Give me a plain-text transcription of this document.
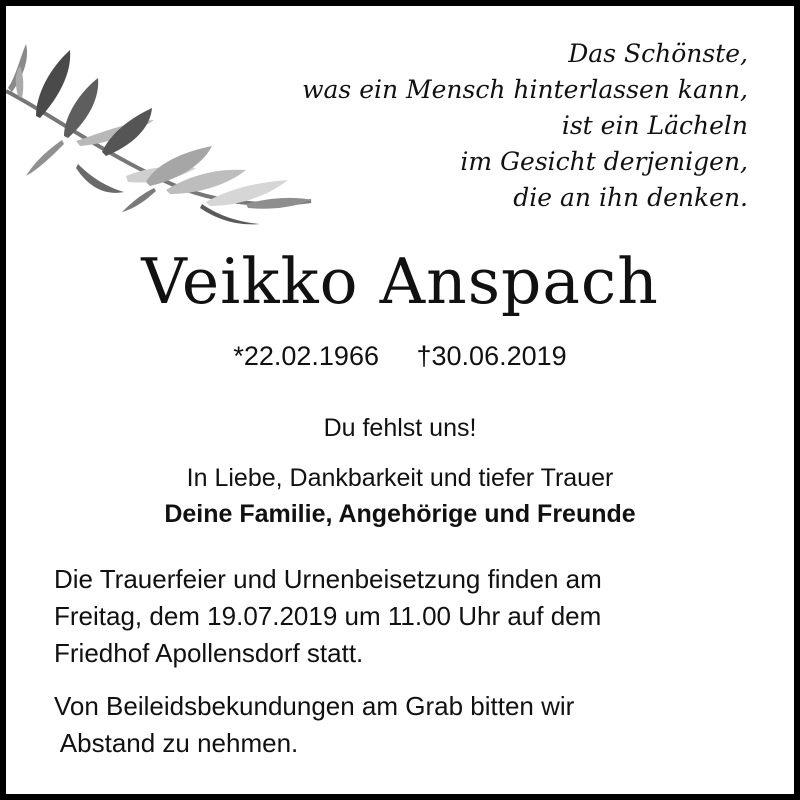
Das Schönste,
was ein Mensch hinterlassen kann,
ist ein Lächeln
im Gesicht derjenigen,
die an ihn denken.
Veikko Anspach
*22.02.1966 †30.06.2019
Du fehlst uns!
In Liebe, Dankbarkeit und tiefer Trauer
Deine Familie, Angehörige und Freunde
Die Trauerfeier und Urnenbeisetzung finden am
Freitag, dem 19.07.2019 um 11.00 Uhr auf dem
Friedhof Apollensdorf statt.
Von Beileidsbekundungen am Grab bitten wir
Abstand zu nehmen.
